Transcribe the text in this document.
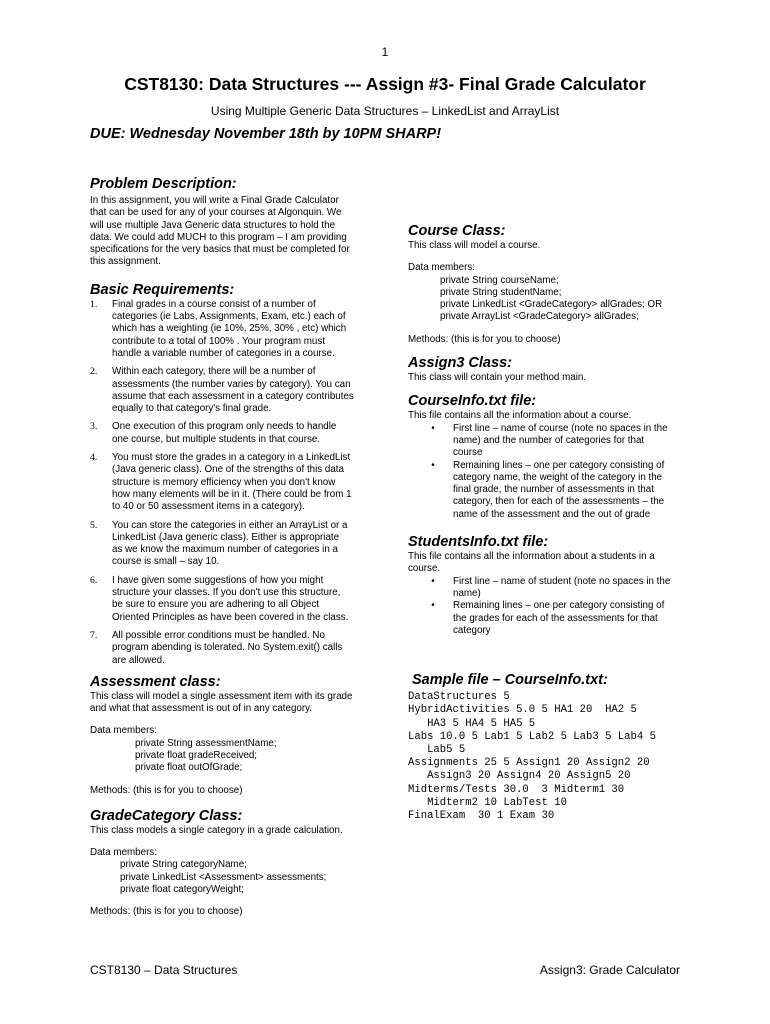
1
CST8130: Data Structures --- Assign #3- Final Grade Calculator
Using Multiple Generic Data Structures – LinkedList and ArrayList
DUE: Wednesday November 18th by 10PM SHARP!
Problem Description:

In this assignment, you will write a Final Grade Calculator

that can be used for any of your courses at Algonquin. We

will use multiple Java Generic data structures to hold the

data. We could add MUCH to this program – I am providing

specifications for the very basics that must be completed for

this assignment.

Basic Requirements:
1.	Final grades in a course consist of a number of
categories (ie Labs, Assignments, Exam, etc.) each of
which has a weighting (ie 10%, 25%, 30% , etc) which
contribute to a total of 100% . Your program must
handle a variable number of categories in a course.
2.	Within each category, there will be a number of
assessments (the number varies by category). You can
assume that each assessment in a category contributes
equally to that category's final grade.
3.	One execution of this program only needs to handle
one course, but multiple students in that course.
4.	You must store the grades in a category in a LinkedList
(Java generic class). One of the strengths of this data
structure is memory efficiency when you don't know
how many elements will be in it. (There could be from 1
to 40 or 50 assessment items in a category).
5.	You can store the categories in either an ArrayList or a
LinkedList (Java generic class). Either is appropriate
as we know the maximum number of categories in a
course is small – say 10.
6.	I have given some suggestions of how you might
structure your classes. If you don't use this structure,
be sure to ensure you are adhering to all Object
Oriented Principles as have been covered in the class.
7.	All possible error conditions must be handled. No
program abending is tolerated. No System.exit() calls
are allowed.
Assessment class:

This class will model a single assessment item with its grade

and what that assessment is out of in any category.

Data members:

private String assessmentName;

private float gradeReceived;

private float outOfGrade;

Methods: (this is for you to choose)

GradeCategory Class:

This class models a single category in a grade calculation.

Data members:

private String categoryName;

private LinkedList <Assessment> assessments;

private float categoryWeight;

Methods: (this is for you to choose)

Course Class:

This class will model a course.

Data members:

private String courseName;

private String studentName;

private LinkedList <GradeCategory> allGrades; OR

private ArrayList <GradeCategory> allGrades;

Methods: (this is for you to choose)

Assign3 Class:

This class will contain your method main.

CourseInfo.txt file:

This file contains all the information about a course.

•	First line – name of course (note no spaces in the
name) and the number of categories for that
course
•	Remaining lines – one per category consisting of
category name, the weight of the category in the
final grade, the number of assessments in that
category, then for each of the assessments – the
name of the assessment and the out of grade
StudentsInfo.txt file:

This file contains all the information about a students in a

course.

•	First line – name of student (note no spaces in the
name)
•	Remaining lines – one per category consisting of
the grades for each of the assessments for that
category
Sample file – CourseInfo.txt:
DataStructures 5
HybridActivities 5.0 5 HA1 20  HA2 5
HA3 5 HA4 5 HA5 5
Labs 10.0 5 Lab1 5 Lab2 5 Lab3 5 Lab4 5
Lab5 5
Assignments 25 5 Assign1 20 Assign2 20
Assign3 20 Assign4 20 Assign5 20
Midterms/Tests 30.0  3 Midterm1 30
Midterm2 10 LabTest 10
FinalExam  30 1 Exam 30
CST8130 – Data Structures	Assign3: Grade Calculator
